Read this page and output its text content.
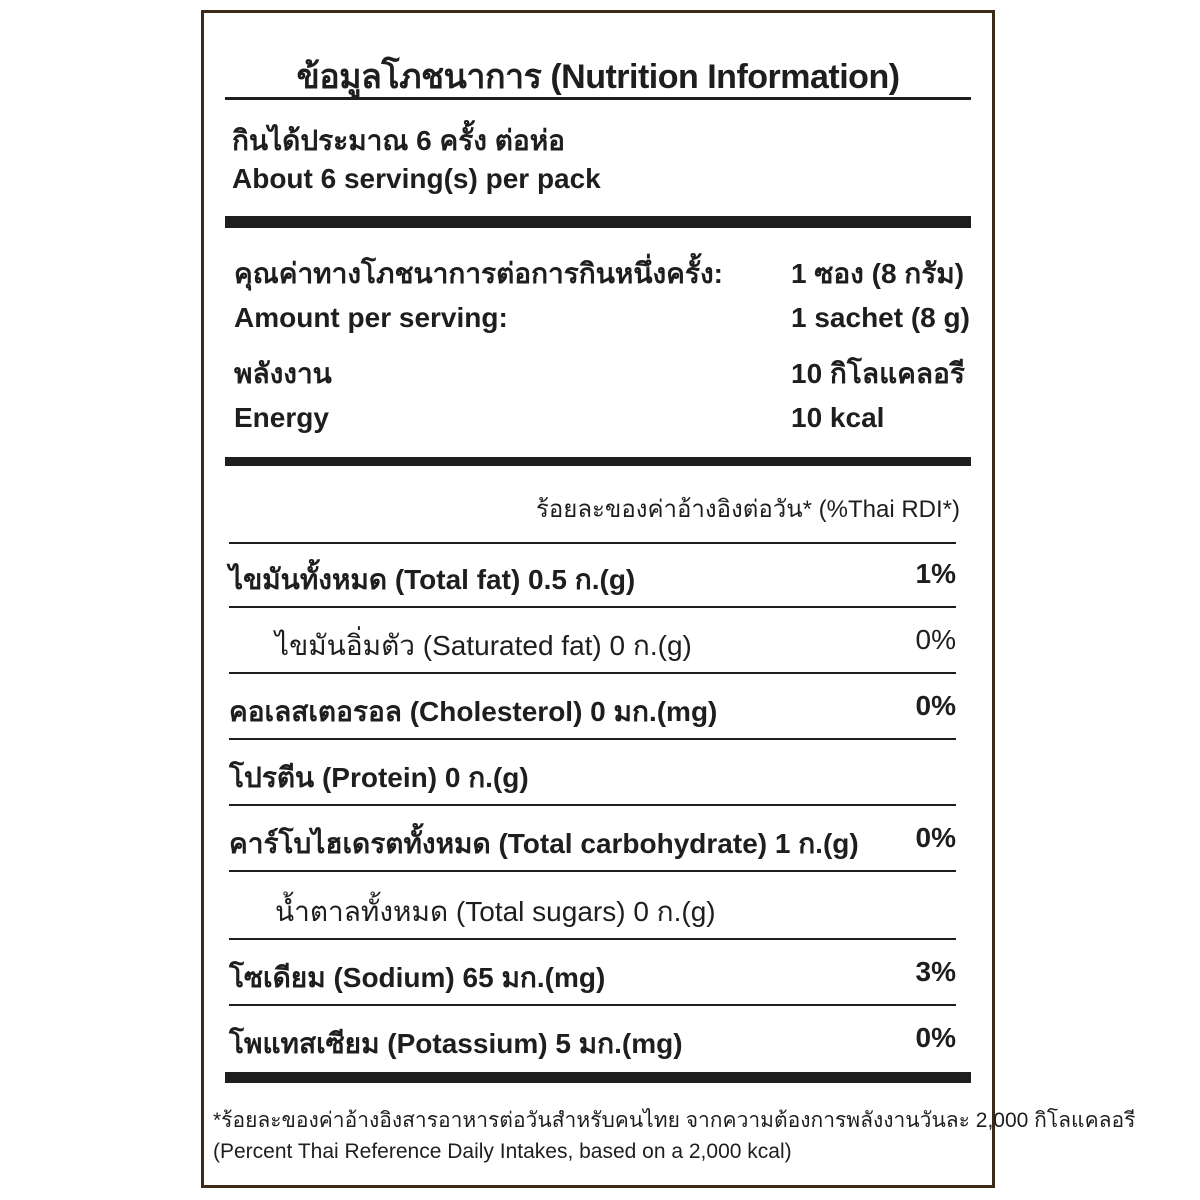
ข้อมูลโภชนาการ (Nutrition Information)
กินได้ประมาณ 6 ครั้ง ต่อห่อ
About 6 serving(s) per pack
คุณค่าทางโภชนาการต่อการกินหนึ่งครั้ง: 1 ซอง (8 กรัม)
Amount per serving:	1 sachet (8 g)
พลังงาน	10 กิโลแคลอรี
Energy	10 kcal
ร้อยละของค่าอ้างอิงต่อวัน* (%Thai RDI*)
ไขมันทั้งหมด (Total fat) 0.5 ก.(g)	1%
ไขมันอิ่มตัว (Saturated fat) 0 ก.(g)	0%
คอเลสเตอรอล (Cholesterol) 0 มก.(mg)	0%
โปรตีน (Protein) 0 ก.(g)
คาร์โบไฮเดรตทั้งหมด (Total carbohydrate) 1 ก.(g) 0%
น้ำตาลทั้งหมด (Total sugars) 0 ก.(g)
โซเดียม (Sodium) 65 มก.(mg)	3%
โพแทสเซียม (Potassium) 5 มก.(mg)	0%
*ร้อยละของค่าอ้างอิงสารอาหารต่อวันสำหรับคนไทย จากความต้องการพลังงานวันละ 2,000 กิโลแคลอรี
(Percent Thai Reference Daily Intakes, based on a 2,000 kcal)
